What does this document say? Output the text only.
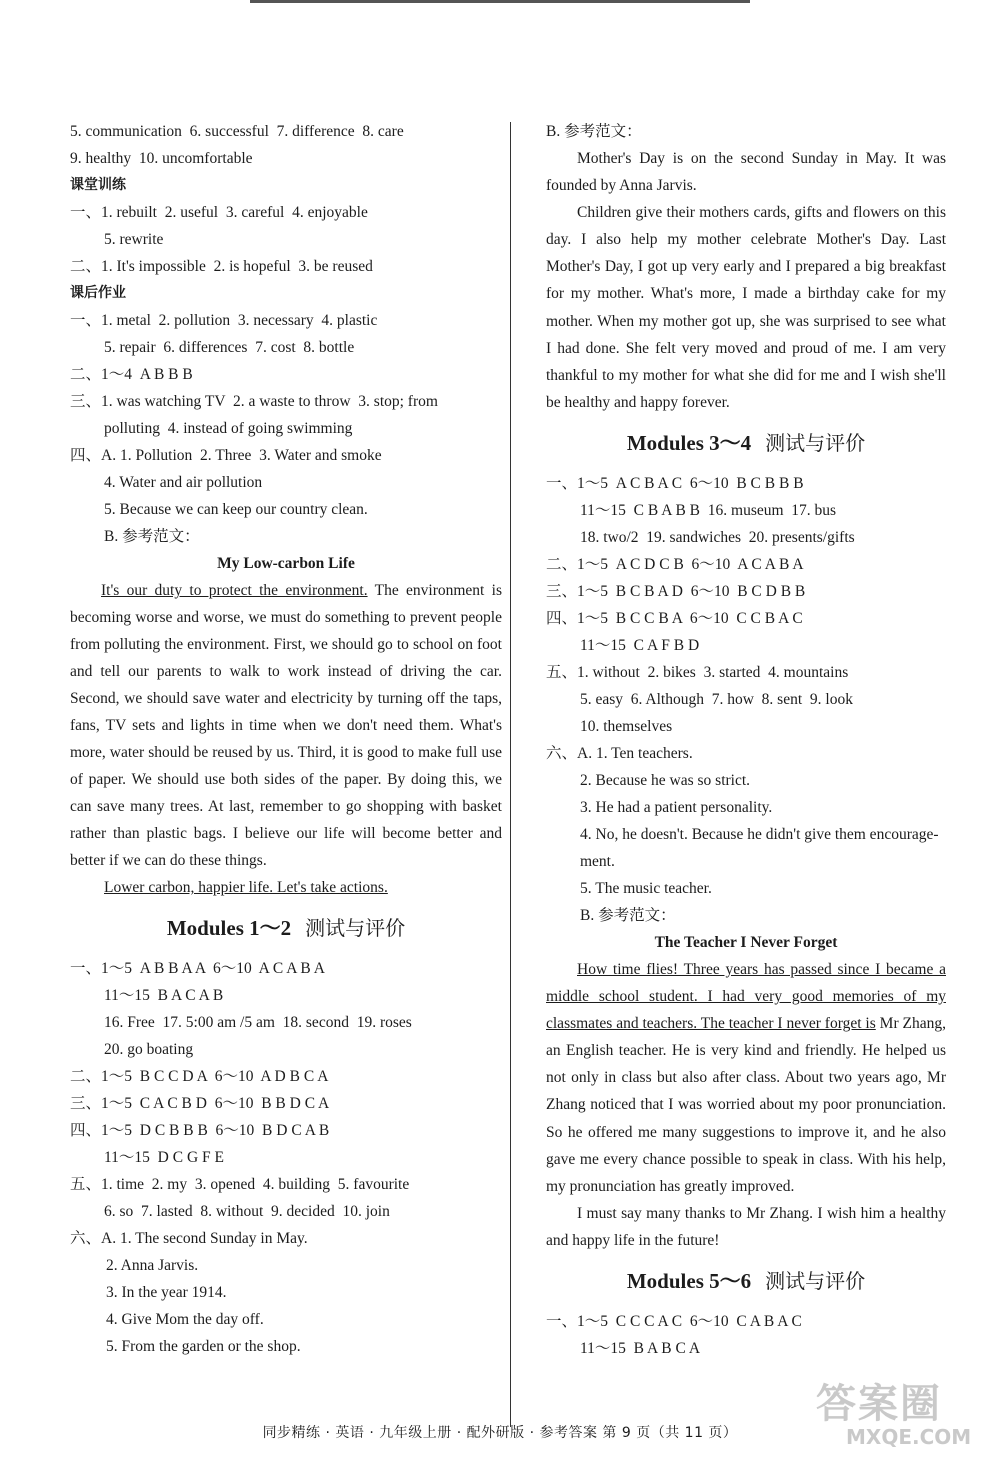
5. communication  6. successful  7. difference  8. care
9. healthy  10. uncomfortable
课堂训练
一、1. rebuilt  2. useful  3. careful  4. enjoyable
5. rewrite
二、1. It's impossible  2. is hopeful  3. be reused
课后作业
一、1. metal  2. pollution  3. necessary  4. plastic
5. repair  6. differences  7. cost  8. bottle
二、1～4  A B B B
三、1. was watching TV  2. a waste to throw  3. stop; from
polluting  4. instead of going swimming
四、A. 1. Pollution  2. Three  3. Water and smoke
4. Water and air pollution
5. Because we can keep our country clean.
B. 参考范文：
My Low-carbon Life

It's our duty to protect the environment. The environment is becoming worse and worse, we must do something to prevent people from polluting the environment. First, we should go to school on foot and tell our parents to walk to work instead of driving the car. Second, we should save water and electricity by turning off the taps, fans, TV sets and lights in time when we don't need them. What's more, water should be reused by us. Third, it is good to make full use of paper. We should use both sides of the paper. By doing this, we can save many trees. At last, remember to go shopping with basket rather than plastic bags. I believe our life will become better and better if we can do these things.

Lower carbon, happier life. Let's take actions.
Modules 1～2 测试与评价
一、1～5  A B B A A  6～10  A C A B A
11～15  B A C A B
16. Free  17. 5:00 am /5 am  18. second  19. roses
20. go boating
二、1～5  B C C D A  6～10  A D B C A
三、1～5  C A C B D  6～10  B B D C A
四、1～5  D C B B B  6～10  B D C A B
11～15  D C G F E
五、1. time  2. my  3. opened  4. building  5. favourite
6. so  7. lasted  8. without  9. decided  10. join
六、A. 1. The second Sunday in May.
2. Anna Jarvis.
3. In the year 1914.
4. Give Mom the day off.
5. From the garden or the shop.
B. 参考范文：

Mother's Day is on the second Sunday in May. It was founded by Anna Jarvis.

Children give their mothers cards, gifts and flowers on this day. I also help my mother celebrate Mother's Day. Last Mother's Day, I got up very early and I prepared a big breakfast for my mother. What's more, I made a birthday cake for my mother. When my mother got up, she was surprised to see what I had done. She felt very moved and proud of me. I am very thankful to my mother for what she did for me and I wish she'll be healthy and happy forever.

Modules 3～4 测试与评价
一、1～5  A C B A C  6～10  B C B B B
11～15  C B A B B  16. museum  17. bus
18. two/2  19. sandwiches  20. presents/gifts
二、1～5  A C D C B  6～10  A C A B A
三、1～5  B C B A D  6～10  B C D B B
四、1～5  B C C B A  6～10  C C B A C
11～15  C A F B D
五、1. without  2. bikes  3. started  4. mountains
5. easy  6. Although  7. how  8. sent  9. look
10. themselves
六、A. 1. Ten teachers.
2. Because he was so strict.
3. He had a patient personality.
4. No, he doesn't. Because he didn't give them encourage-
ment.
5. The music teacher.
B. 参考范文：
The Teacher I Never Forget

How time flies! Three years has passed since I became a middle school student. I had very good memories of my classmates and teachers. The teacher I never forget is Mr Zhang, an English teacher. He is very kind and friendly. He helped us not only in class but also after class. About two years ago, Mr Zhang noticed that I was worried about my poor pronunciation. So he offered me many suggestions to improve it, and he also gave me every chance possible to speak in class. With his help, my pronunciation has greatly improved.

I must say many thanks to Mr Zhang. I wish him a healthy and happy life in the future!

Modules 5～6 测试与评价
一、1～5  C C C A C  6～10  C A B A C
11～15  B A B C A
同步精练 · 英语 · 九年级上册 · 配外研版 · 参考答案 第 9 页（共 11 页）
答案圈
MXQE.COM
